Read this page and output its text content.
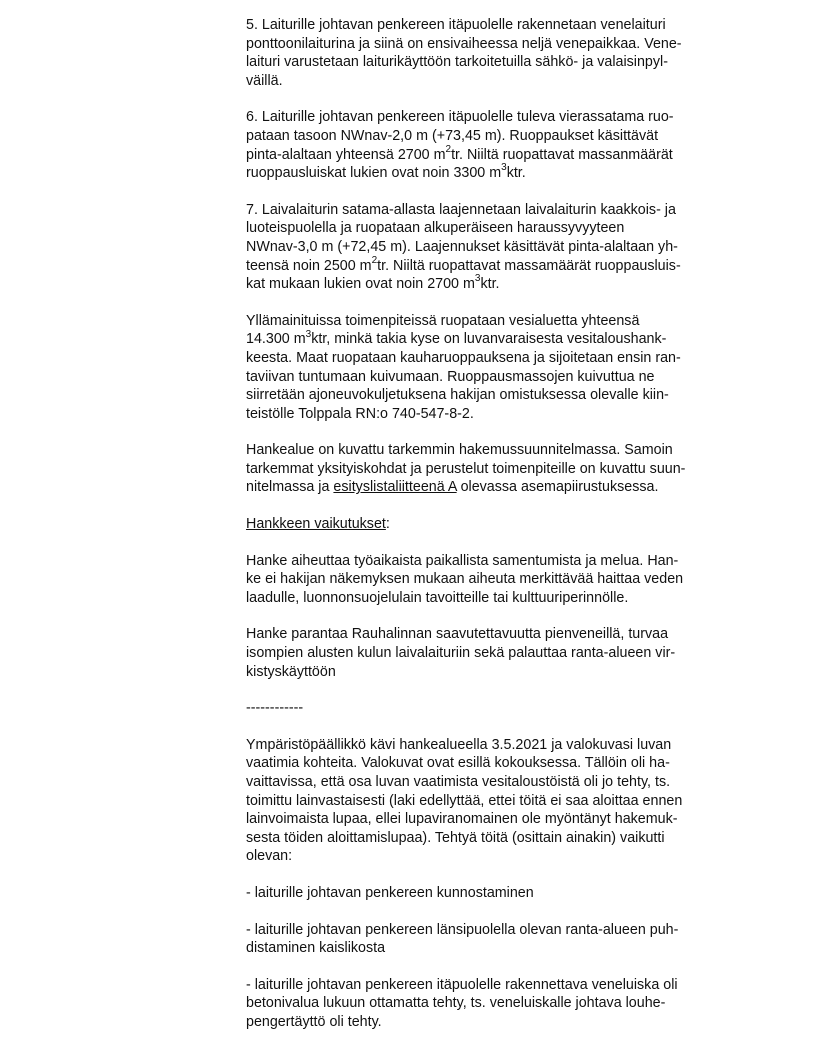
5. Laiturille johtavan penkereen itäpuolelle rakennetaan venelaituri
ponttoonilaiturina ja siinä on ensivaiheessa neljä venepaikkaa. Vene-
laituri varustetaan laiturikäyttöön tarkoitetuilla sähkö- ja valaisinpyl-
väillä.

6. Laiturille johtavan penkereen itäpuolelle tuleva vierassatama ruo-
pataan tasoon NWnav-2,0 m (+73,45 m). Ruoppaukset käsittävät
pinta-alaltaan yhteensä 2700 $m^2tr$. Niiltä ruopattavat massanmäärät
ruoppausluiskat lukien ovat noin 3300 $m^3ktr$.

7. Laivalaiturin satama-allasta laajennetaan laivalaiturin kaakkois- ja
luoteispuolella ja ruopataan alkuperäiseen haraussyvyyteen
NWnav-3,0 m (+72,45 m). Laajennukset käsittävät pinta-alaltaan yh-
teensä noin 2500 $m^2tr$. Niiltä ruopattavat massamäärät ruoppausluis-
kat mukaan lukien ovat noin 2700 $m^3ktr$.

Yllämainituissa toimenpiteissä ruopataan vesialuetta yhteensä
14.300 $m^3ktr$, minkä takia kyse on luvanvaraisesta vesitaloushank-
keesta. Maat ruopataan kauharuoppauksena ja sijoitetaan ensin ran-
taviivan tuntumaan kuivumaan. Ruoppausmassojen kuivuttua ne
siirretään ajoneuvokuljetuksena hakijan omistuksessa olevalle kiin-
teistölle Tolppala RN:o 740-547-8-2.

Hankealue on kuvattu tarkemmin hakemussuunnitelmassa. Samoin
tarkemmat yksityiskohdat ja perustelut toimenpiteille on kuvattu suun-
nitelmassa ja esityslistaliitteenä A olevassa asemapiirustuksessa.

Hankkeen vaikutukset:

Hanke aiheuttaa työaikaista paikallista samentumista ja melua. Han-
ke ei hakijan näkemyksen mukaan aiheuta merkittävää haittaa veden
laadulle, luonnonsuojelulain tavoitteille tai kulttuuriperinnölle.

Hanke parantaa Rauhalinnan saavutettavuutta pienveneillä, turvaa
isompien alusten kulun laivalaituriin sekä palauttaa ranta-alueen vir-
kistyskäyttöön

------------

Ympäristöpäällikkö kävi hankealueella 3.5.2021 ja valokuvasi luvan
vaatimia kohteita. Valokuvat ovat esillä kokouksessa. Tällöin oli ha-
vaittavissa, että osa luvan vaatimista vesitaloustöistä oli jo tehty, ts.
toimittu lainvastaisesti (laki edellyttää, ettei töitä ei saa aloittaa ennen
lainvoimaista lupaa, ellei lupaviranomainen ole myöntänyt hakemuk-
sesta töiden aloittamislupaa). Tehtyä töitä (osittain ainakin) vaikutti
olevan:

- laiturille johtavan penkereen kunnostaminen

- laiturille johtavan penkereen länsipuolella olevan ranta-alueen puh-
distaminen kaislikosta

- laiturille johtavan penkereen itäpuolelle rakennettava veneluiska oli
betonivalua lukuun ottamatta tehty, ts. veneluiskalle johtava louhe-
pengertäyttö oli tehty.
